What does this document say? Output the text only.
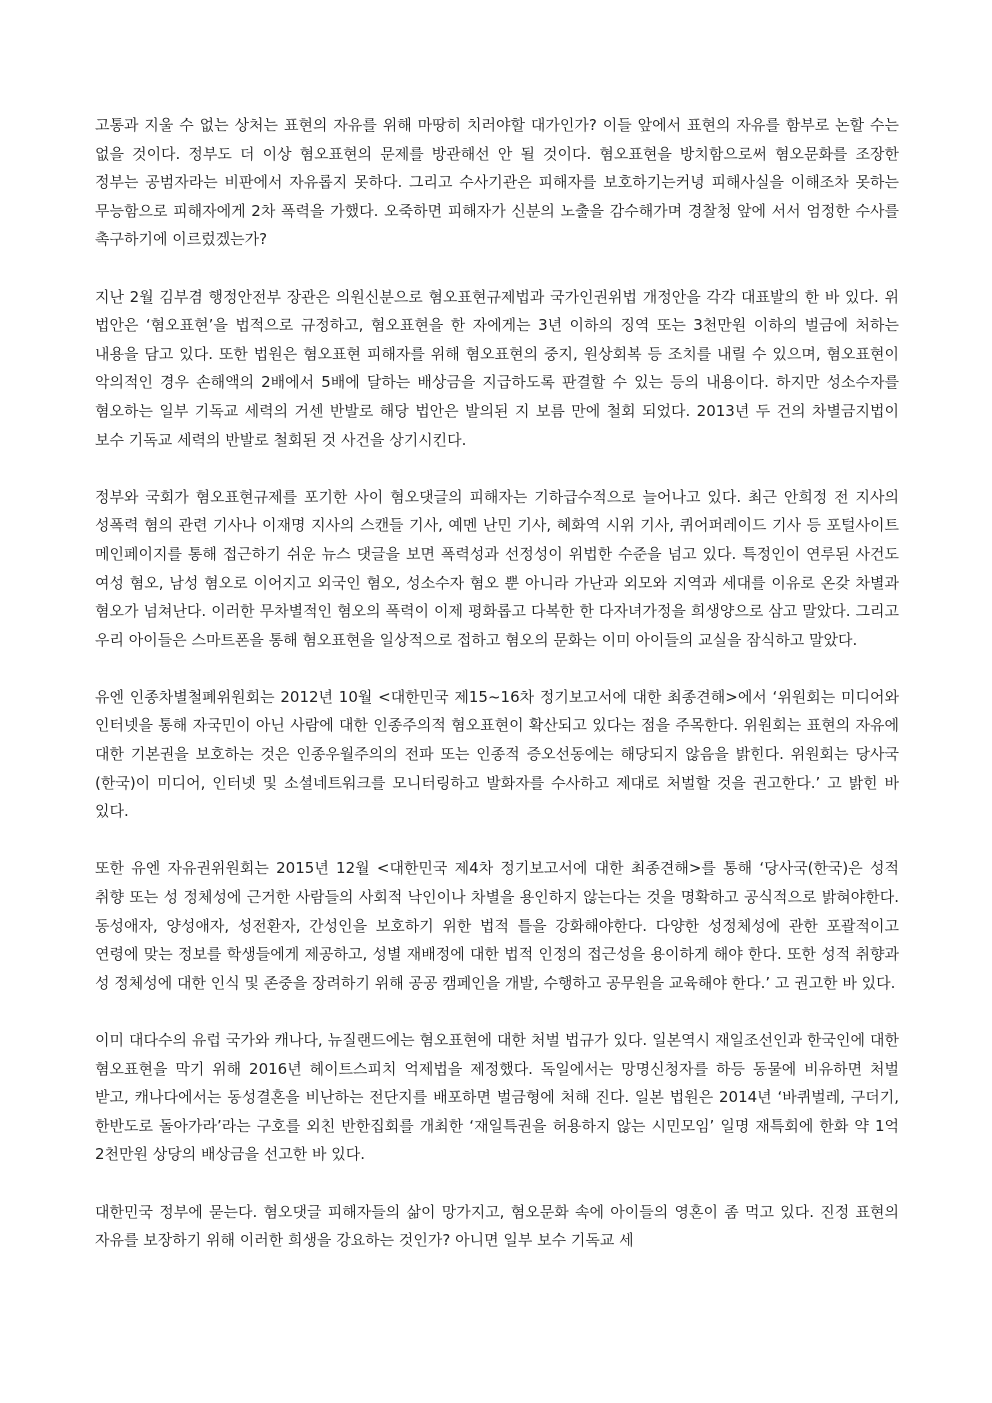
고통과 지울 수 없는 상처는 표현의 자유를 위해 마땅히 치러야할 대가인가? 이들 앞에서 표현의 자유를 함부로 논할 수는 없을 것이다. 정부도 더 이상 혐오표현의 문제를 방관해선 안 될 것이다. 혐오표현을 방치함으로써 혐오문화를 조장한 정부는 공범자라는 비판에서 자유롭지 못하다. 그리고 수사기관은 피해자를 보호하기는커녕 피해사실을 이해조차 못하는 무능함으로 피해자에게 2차 폭력을 가했다. 오죽하면 피해자가 신분의 노출을 감수해가며 경찰청 앞에 서서 엄정한 수사를 촉구하기에 이르렀겠는가?

지난 2월 김부겸 행정안전부 장관은 의원신분으로 혐오표현규제법과 국가인권위법 개정안을 각각 대표발의 한 바 있다. 위 법안은 ‘혐오표현’을 법적으로 규정하고, 혐오표현을 한 자에게는 3년 이하의 징역 또는 3천만원 이하의 벌금에 처하는 내용을 담고 있다. 또한 법원은 혐오표현 피해자를 위해 혐오표현의 중지, 원상회복 등 조치를 내릴 수 있으며, 혐오표현이 악의적인 경우 손해액의 2배에서 5배에 달하는 배상금을 지급하도록 판결할 수 있는 등의 내용이다. 하지만 성소수자를 혐오하는 일부 기독교 세력의 거센 반발로 해당 법안은 발의된 지 보름 만에 철회 되었다. 2013년 두 건의 차별금지법이 보수 기독교 세력의 반발로 철회된 것 사건을 상기시킨다.

정부와 국회가 혐오표현규제를 포기한 사이 혐오댓글의 피해자는 기하급수적으로 늘어나고 있다. 최근 안희정 전 지사의 성폭력 혐의 관련 기사나 이재명 지사의 스캔들 기사, 예멘 난민 기사, 혜화역 시위 기사, 퀴어퍼레이드 기사 등 포털사이트 메인페이지를 통해 접근하기 쉬운 뉴스 댓글을 보면 폭력성과 선정성이 위법한 수준을 넘고 있다. 특정인이 연루된 사건도 여성 혐오, 남성 혐오로 이어지고 외국인 혐오, 성소수자 혐오 뿐 아니라 가난과 외모와 지역과 세대를 이유로 온갖 차별과 혐오가 넘쳐난다. 이러한 무차별적인 혐오의 폭력이 이제 평화롭고 다복한 한 다자녀가정을 희생양으로 삼고 말았다. 그리고 우리 아이들은 스마트폰을 통해 혐오표현을 일상적으로 접하고 혐오의 문화는 이미 아이들의 교실을 잠식하고 말았다.

유엔 인종차별철폐위원회는 2012년 10월 <대한민국 제15~16차 정기보고서에 대한 최종견해>에서 ‘위원회는 미디어와 인터넷을 통해 자국민이 아닌 사람에 대한 인종주의적 혐오표현이 확산되고 있다는 점을 주목한다. 위원회는 표현의 자유에 대한 기본권을 보호하는 것은 인종우월주의의 전파 또는 인종적 증오선동에는 해당되지 않음을 밝힌다. 위원회는 당사국(한국)이 미디어, 인터넷 및 소셜네트워크를 모니터링하고 발화자를 수사하고 제대로 처벌할 것을 권고한다.’ 고 밝힌 바 있다.

또한 유엔 자유권위원회는 2015년 12월 <대한민국 제4차 정기보고서에 대한 최종견해>를 통해 ‘당사국(한국)은 성적 취향 또는 성 정체성에 근거한 사람들의 사회적 낙인이나 차별을 용인하지 않는다는 것을 명확하고 공식적으로 밝혀야한다. 동성애자, 양성애자, 성전환자, 간성인을 보호하기 위한 법적 틀을 강화해야한다. 다양한 성정체성에 관한 포괄적이고 연령에 맞는 정보를 학생들에게 제공하고, 성별 재배정에 대한 법적 인정의 접근성을 용이하게 해야 한다. 또한 성적 취향과 성 정체성에 대한 인식 및 존중을 장려하기 위해 공공 캠페인을 개발, 수행하고 공무원을 교육해야 한다.’ 고 권고한 바 있다.

이미 대다수의 유럽 국가와 캐나다, 뉴질랜드에는 혐오표현에 대한 처벌 법규가 있다. 일본역시 재일조선인과 한국인에 대한 혐오표현을 막기 위해 2016년 헤이트스피치 억제법을 제정했다. 독일에서는 망명신청자를 하등 동물에 비유하면 처벌 받고, 캐나다에서는 동성결혼을 비난하는 전단지를 배포하면 벌금형에 처해 진다. 일본 법원은 2014년 ‘바퀴벌레, 구더기, 한반도로 돌아가라’라는 구호를 외친 반한집회를 개최한 ‘재일특권을 허용하지 않는 시민모임’ 일명 재특회에 한화 약 1억 2천만원 상당의 배상금을 선고한 바 있다.

대한민국 정부에 묻는다. 혐오댓글 피해자들의 삶이 망가지고, 혐오문화 속에 아이들의 영혼이 좀 먹고 있다. 진정 표현의 자유를 보장하기 위해 이러한 희생을 강요하는 것인가? 아니면 일부 보수 기독교 세
